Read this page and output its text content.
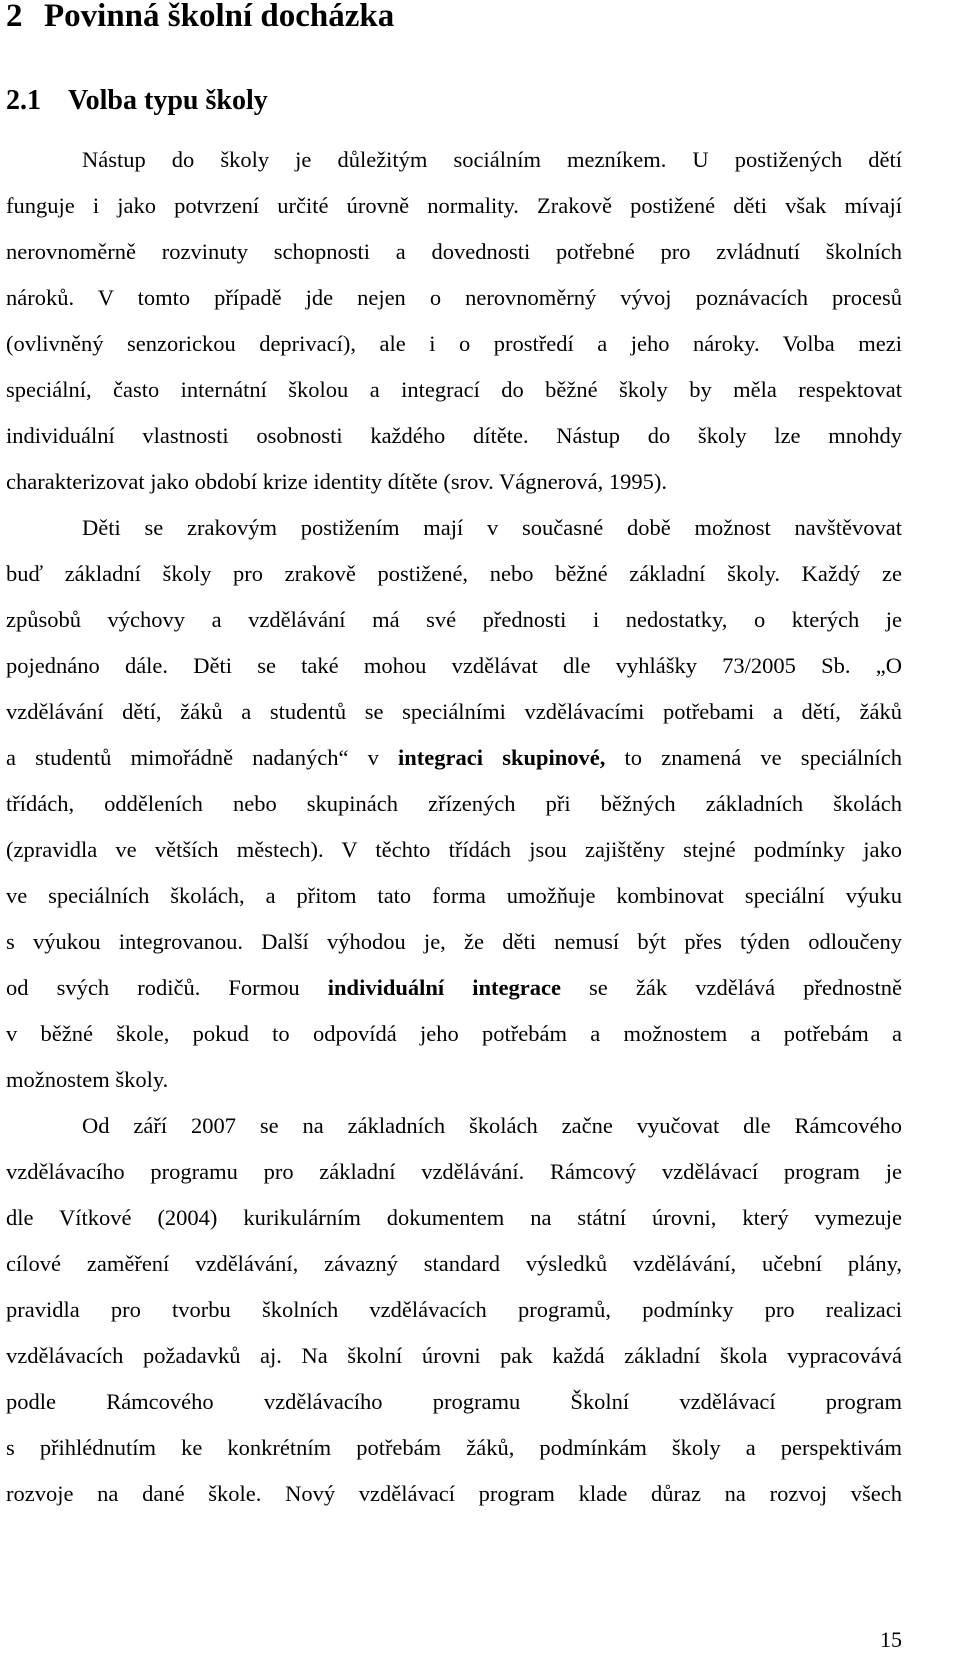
2 Povinná školní docházka
2.1 Volba typu školy
Nástup do školy je důležitým sociálním mezníkem. U postižených dětí
funguje i jako potvrzení určité úrovně normality. Zrakově postižené děti však mívají
nerovnoměrně rozvinuty schopnosti a dovednosti potřebné pro zvládnutí školních
nároků. V tomto případě jde nejen o nerovnoměrný vývoj poznávacích procesů
(ovlivněný senzorickou deprivací), ale i o prostředí a jeho nároky. Volba mezi
speciální, často internátní školou a integrací do běžné školy by měla respektovat
individuální vlastnosti osobnosti každého dítěte. Nástup do školy lze mnohdy
charakterizovat jako období krize identity dítěte (srov. Vágnerová, 1995).
Děti se zrakovým postižením mají v současné době možnost navštěvovat
buď základní školy pro zrakově postižené, nebo běžné základní školy. Každý ze
způsobů výchovy a vzdělávání má své přednosti i nedostatky, o kterých je
pojednáno dále. Děti se také mohou vzdělávat dle vyhlášky 73/2005 Sb. „O
vzdělávání dětí, žáků a studentů se speciálními vzdělávacími potřebami a dětí, žáků
a studentů mimořádně nadaných“ v integraci skupinové, to znamená ve speciálních
třídách, odděleních nebo skupinách zřízených při běžných základních školách
(zpravidla ve větších městech). V těchto třídách jsou zajištěny stejné podmínky jako
ve speciálních školách, a přitom tato forma umožňuje kombinovat speciální výuku
s výukou integrovanou. Další výhodou je, že děti nemusí být přes týden odloučeny
od svých rodičů. Formou individuální integrace se žák vzdělává přednostně
v běžné škole, pokud to odpovídá jeho potřebám a možnostem a potřebám a
možnostem školy.
Od září 2007 se na základních školách začne vyučovat dle Rámcového
vzdělávacího programu pro základní vzdělávání. Rámcový vzdělávací program je
dle Vítkové (2004) kurikulárním dokumentem na státní úrovni, který vymezuje
cílové zaměření vzdělávání, závazný standard výsledků vzdělávání, učební plány,
pravidla pro tvorbu školních vzdělávacích programů, podmínky pro realizaci
vzdělávacích požadavků aj. Na školní úrovni pak každá základní škola vypracovává
podle Rámcového vzdělávacího programu Školní vzdělávací program
s přihlédnutím ke konkrétním potřebám žáků, podmínkám školy a perspektivám
rozvoje na dané škole. Nový vzdělávací program klade důraz na rozvoj všech
15
